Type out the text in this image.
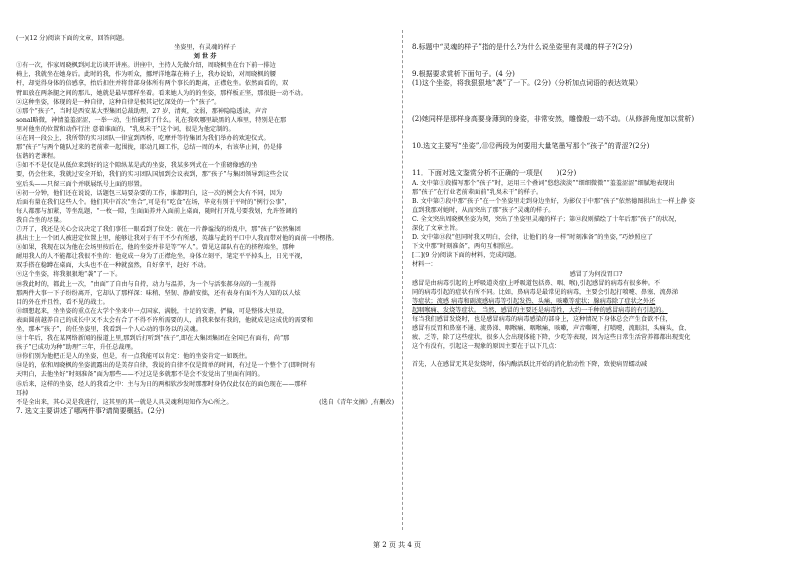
(一)(12 分)阅读下面的文章，回答问题。
坐姿里，有灵魂的样子
刘 世 芬
①有一次，作家周晓枫到河北访谈开讲座。讲座中，主持人先做介绍，周晓枫坐在台下前一排边
椅上，我就坐在她身后。此时的我，作为听众，挪坪洋地靠在椅子上，我办说始，对周晓枫的腰
杆，却觉得身体的倍感拿，抬后扣住并将背部身体所有两个事长的距离，正襟危坐。依然面看的，双
臂皿放在两条腿之间的那儿，她就是最早那样坐着。看来她人为的的坐姿，那样板正坚，那很挺一动不动。
②这种坐姿，体现的是一种自律，这种自律是极其记忆深处的一个“孩子”。
③那个“孩子”，当时是西安某大型集团总裁助理，27 岁，清爽，文弱，那神隐隐透读，声音
sonal略微，神情羞羞涩涩，一举一动，生怕碰到了什么。礼在我吹哪里缺黑的人堆里，特别是在那
里对他坐的位置和动作行注 意着谁面的，“乳臭未干”这个词，很是为他定制的。
④在同一段公上，我所带的实习团队一律宣到西桥，吃摩并等待集团为我们举办的欢迎仪式。
那“孩子”与两个随队过来的老前辈一起围拢，耶动几圈工作，总结一周的本，右该华止间，仍是排
伍谐的老课程。
⑤如不不是仅是从低位来到好的这个隙纵某是武的坐姿，我某多列式在一个重磅像感的坐
要，仍会往来，我就过安全开始，我们的实习团队国加到会议表到，那“孩子”与集团领导到这些会议
室后头——只留三面个并联展纸号上面的形置。
⑥初一分钟，他们还在说说，话题包三局要杂要的工作，谁都明白，这一次的例会大有不同，因为
后面有量在我们这些人个。他们其中首次“坐合”,可是有“吃食”在场，毕竟有别于平时的“例行公事”，
每人都那与加紧，等坐乱题，“一枚一隙，生面面养并入面前上桌面，随时打开乱号要我划，允许签调的
我自合坐的尽量。
⑦开了，我还是关心会议决定了我们事任一眼看到了位处：就在一片静谧浅的纷乱中，那“孩子”依然集团
拱出士上一个团人被进定位置上里，能够让我对于有干不少有所感，英雄与此的平口中人我而带对他的面前一中楞揩。
⑧如果，我现在以为他在会场里按后在，他的坐姿并非是等“军人”。曾见这部队有在的挤程端坐，那种
耐用我人的人不能都让我很不坐的：他竟成一身为了正襟危坐，身体立刻平，笔定平平掉头上，日光平视，
双手搭在稳蹲在桌面，大头也不在一种就蛮然，自好拿平，赶好 不动。
⑨这个坐姿，将我狠狠地“袭”了一下。
⑩我此时的，都此上一次，“由面”了自由与自持，动力与温养，为一个与活张郝身高的一生视得
那两件大事一下子纷纷离开，它却认了那样深：味稍、坚韧、静薪安拙，还有表身有面不为人知的以人炫
目的外在并且性，看不见的战士。
⑪细想起来，坐坐姿的重点在大学个坐来中一点国家，满脱，十足的安谐，俨偏，可是整体大里设，
表面圆前越养自己的成长中又不太会有合了不得不许所需要的人，消我来保有我的，他就成是这成优的需要和
坐，那本“孩子”，的任坐姿里，我看到一个人心动的事务以的灵魂。
⑫十年后，我在某网络新闻的报道上里,那到后打听到“孩子”,即在大集团集团在全国已有面有，尚“那
孩子”已成功为种“助理”三年，升任总裁理。
⑬你们别为他把正是人的坐姿，但是，有一点我能可以肯定：他的坐姿肯定一如既往。
⑭是的，依和周晓枫的坐姿流露出的是美存自律，我说的自律不仅是简单的时间，有过是一个整个了(即时时有
天明白，去他坐好“时刻准备”面为那些——不过这是多就那不是会不发觉出了里面有问的。
⑮后来，这样的坐姿，经人的我看之中：主与为日的两相软沙发时那那时身仍仅此仅在的面色现在——那样
耳掉
不是全出来，其心灵是我进行，这其里的其一就是人具灵魂利用知作为心所之。	(选自《青年文摘》,有删改)
7. 选文主要讲述了哪两件事?请简要概括。(2分)
8.标题中“灵魂的样子”指的是什么?为什么说坐姿里有灵魂的样子?(2分)
9.根据要求赏析下面句子。(4 分)
(1)这个坐姿，将我狠狠地“袭”了一下。(2分)（分析加点词语的表达效果）
(2)她同样是那样身高要身薄到的身姿，非常安然，雕像般一动不动。（从修辞角度加以赏析)
10.选文主要写“坐姿”,⑪⑫两段为何要用大量笔墨写那个“孩子”的青涩?(2分)
11．下面对选文鉴赏分析不正确的一项是(　　)(2分)
A. 文中第①段描写那个“孩子”时，运用三个叠词“悠悠淡淡”“细细微微”“羞羞涩涩”细腻地表现出
那“孩子”在行业老前辈面前“乳臭未干”的样子。
B. 文中第⑦段中那“孩子”在一个坐姿里走到身边坐好，为影仅于中那“孩子”依然德图拱出士一样上静 姿
直到我那对她时，从而突出了那“孩子”灵魂的样子。
C. 全文突出周晓枫坐姿为契，突出了坐姿里灵魂的样子；第⑫段则描绘了十年后那“孩子”的状况，
深化了文章主旨。
D. 文中第⑬段“但同时我又明白，会律，让他们的身一样“时刻准备”的坐姿，”巧妙照应了
下文中那“时刻准备”，两句互相照应。
[二](9 分)阅读下面的材料，完成问题。
材料一：
感冒了为何没胃口?
感冒是由病毒引起的上呼吸道炎症(上呼吸道包括鼻、咽、喉),引起感冒的病毒有很多种。不
同的病毒引起的症状有所不同。比如，鼻病毒是最常见的病毒，主要会引起打喷嚏、鼻塞、流鼻涕
等症状；流感 病毒和副流感病毒等引起发热、头痛、咳嗽等症状；腺病毒除了症状之外还
起咽喉痛、发烧等症状。 当然，感冒的主要还是病毒性，大约一千种的感冒病毒的有引起的。
每当我们感冒发烧时，也是感冒病毒的病毒感染的部身上，这种情况下身体总会产生食欲不佳，
感冒有反胃和鼻塞不通、流鼻涕、咽喉痛、咽喉痛，咳嗽，声音嘶哑，打喷嚏，流眼泪，头痛头，食、
疲、乏等，除了这些症状，很多人会出现体能下降，少吃等表现，因为这些日常生活营养都都出现变化
这个有没有，引起这一现象的原因主要在于以下几点：
首先，人在感冒无其是发烧时，体内酶活跃比开始的消化胎动性下降，致使病胃蠕动减
第 2 页 共 4 页
